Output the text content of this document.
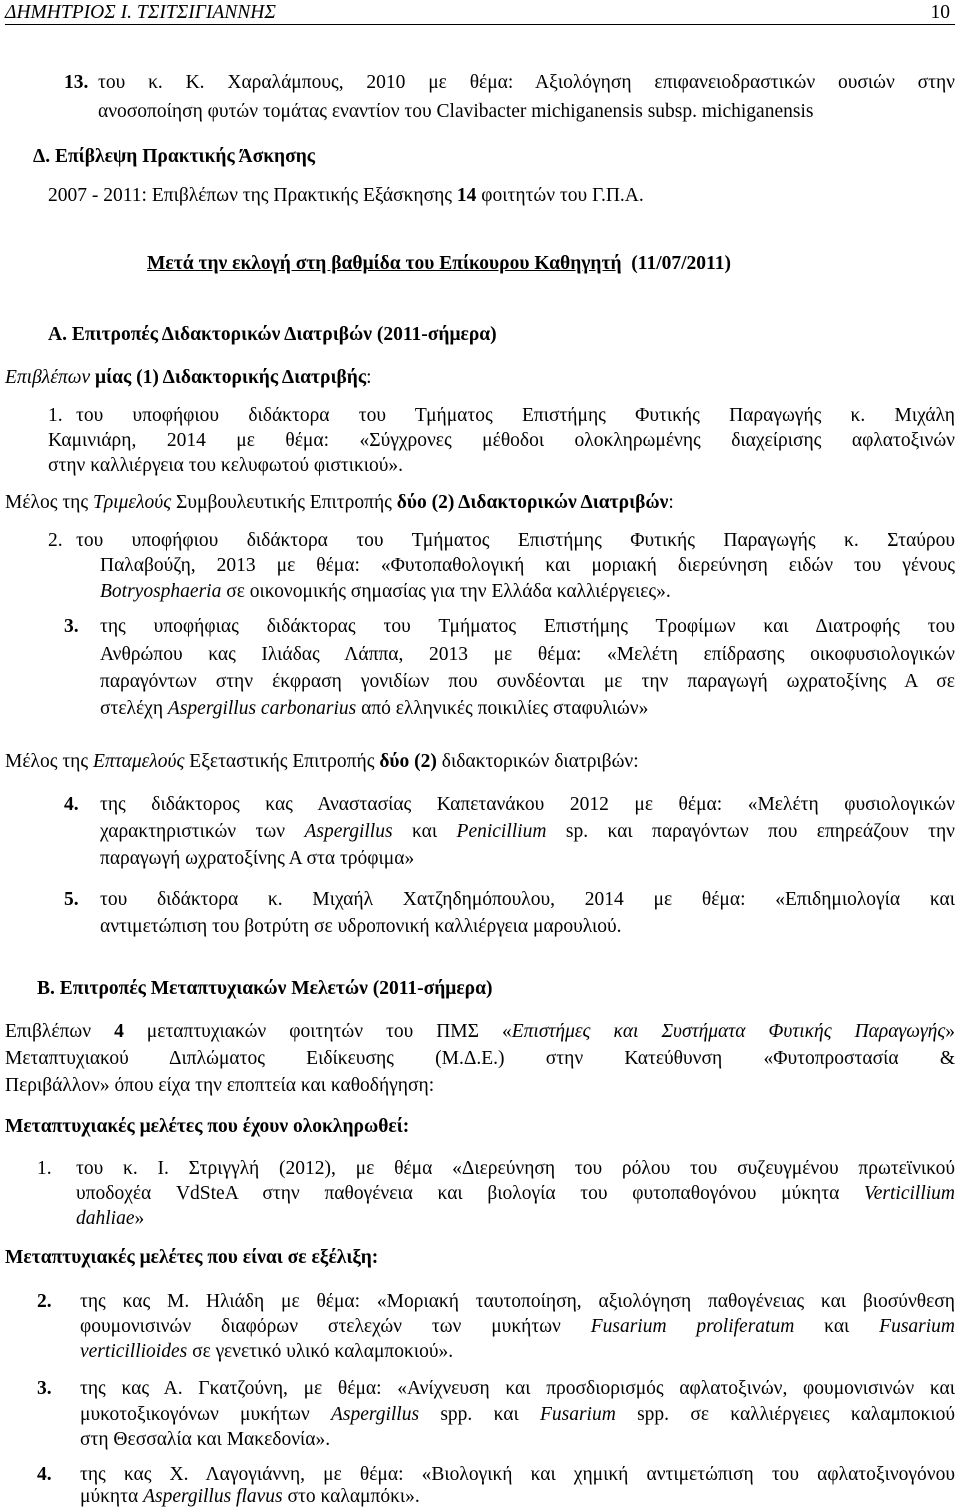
ΔΗΜΗΤΡΙΟΣ Ι. ΤΣΙΤΣΙΓΙΑΝΝΗΣ	10
13. του κ. Κ. Χαραλάμπους, 2010 με θέμα: Αξιολόγηση επιφανειοδραστικών ουσιών στην
ανοσοποίηση φυτών τομάτας εναντίον του Clavibacter michiganensis subsp. michiganensis
Δ. Επίβλεψη Πρακτικής Άσκησης
2007 - 2011: Επιβλέπων της Πρακτικής Εξάσκησης 14 φοιτητών του Γ.Π.Α.
Μετά την εκλογή στη βαθμίδα του Επίκουρου Καθηγητή (11/07/2011)
Α. Επιτροπές Διδακτορικών Διατριβών (2011-σήμερα)
Επιβλέπων μίας (1) Διδακτορικής Διατριβής:
1. του υποφήφιου διδάκτορα του Τμήματος Επιστήμης Φυτικής Παραγωγής κ. Μιχάλη
Καμινιάρη, 2014 με θέμα: «Σύγχρονες μέθοδοι ολοκληρωμένης διαχείρισης αφλατοξινών
στην καλλιέργεια του κελυφωτού φιστικιού».
Μέλος της Τριμελούς Συμβουλευτικής Επιτροπής δύο (2) Διδακτορικών Διατριβών:
2. του υποφήφιου διδάκτορα του Τμήματος Επιστήμης Φυτικής Παραγωγής κ. Σταύρου
Παλαβούζη, 2013 με θέμα: «Φυτοπαθολογική και μοριακή διερεύνηση ειδών του γένους
Botryosphaeria σε οικονομικής σημασίας για την Ελλάδα καλλιέργειες».
3. της υποφήφιας διδάκτορας του Τμήματος Επιστήμης Τροφίμων και Διατροφής του
Ανθρώπου κας Ιλιάδας Λάππα, 2013 με θέμα: «Μελέτη επίδρασης οικοφυσιολογικών
παραγόντων στην έκφραση γονιδίων που συνδέονται με την παραγωγή ωχρατοξίνης Α σε
στελέχη Aspergillus carbonarius από ελληνικές ποικιλίες σταφυλιών»
Μέλος της Επταμελούς Εξεταστικής Επιτροπής δύο (2) διδακτορικών διατριβών:
4. της διδάκτορος κας Αναστασίας Καπετανάκου 2012 με θέμα: «Μελέτη φυσιολογικών
χαρακτηριστικών των Aspergillus και Penicillium sp. και παραγόντων που επηρεάζουν την
παραγωγή ωχρατοξίνης Α στα τρόφιμα»
5. του διδάκτορα κ. Μιχαήλ Χατζηδημόπουλου, 2014 με θέμα: «Επιδημιολογία και
αντιμετώπιση του βοτρύτη σε υδροπονική καλλιέργεια μαρουλιού.
Β. Επιτροπές Μεταπτυχιακών Μελετών (2011-σήμερα)
Επιβλέπων 4 μεταπτυχιακών φοιτητών του ΠΜΣ «Επιστήμες και Συστήματα Φυτικής Παραγωγής»
Μεταπτυχιακού Διπλώματος Ειδίκευσης (Μ.Δ.Ε.) στην Κατεύθυνση «Φυτοπροστασία &
Περιβάλλον» όπου είχα την εποπτεία και καθοδήγηση:
Μεταπτυχιακές μελέτες που έχουν ολοκληρωθεί:
1. του κ. Ι. Στριγγλή (2012), με θέμα «Διερεύνηση του ρόλου του συζευγμένου πρωτεϊνικού
υποδοχέα VdSteA στην παθογένεια και βιολογία του φυτοπαθογόνου μύκητα Verticillium
dahliae»
Μεταπτυχιακές μελέτες που είναι σε εξέλιξη:
2. της κας Μ. Ηλιάδη με θέμα: «Μοριακή ταυτοποίηση, αξιολόγηση παθογένειας και βιοσύνθεση
φουμονισινών διαφόρων στελεχών των μυκήτων Fusarium proliferatum και Fusarium
verticillioides σε γενετικό υλικό καλαμποκιού».
3. της κας Α. Γκατζούνη, με θέμα: «Ανίχνευση και προσδιορισμός αφλατοξινών, φουμονισινών και
μυκοτοξικογόνων μυκήτων Aspergillus spp. και Fusarium spp. σε καλλιέργειες καλαμποκιού
στη Θεσσαλία και Μακεδονία».
4. της κας Χ. Λαγογιάννη, με θέμα: «Βιολογική και χημική αντιμετώπιση του αφλατοξινογόνου
μύκητα Aspergillus flavus στο καλαμπόκι».
